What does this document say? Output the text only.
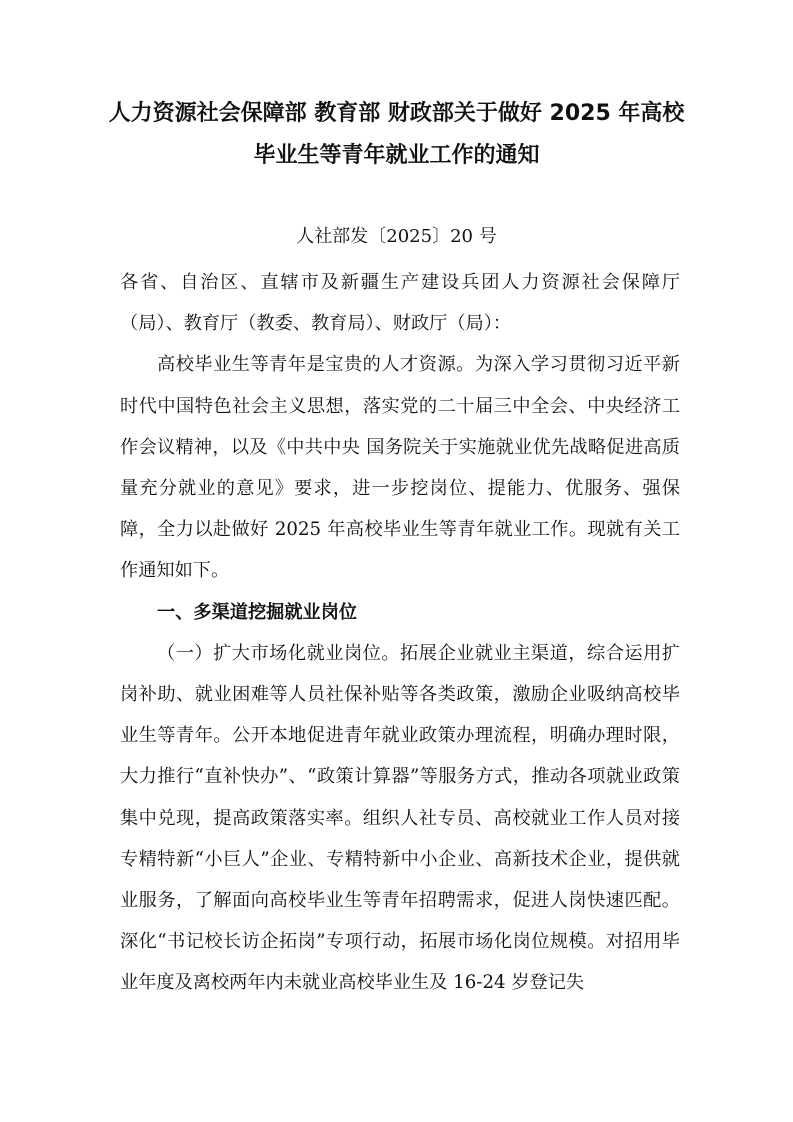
人力资源社会保障部 教育部 财政部关于做好 2025 年高校
毕业生等青年就业工作的通知
人社部发〔2025〕20 号

各省、自治区、直辖市及新疆生产建设兵团人力资源社会保障厅（局）、教育厅（教委、教育局）、财政厅（局）：

高校毕业生等青年是宝贵的人才资源。为深入学习贯彻习近平新时代中国特色社会主义思想，落实党的二十届三中全会、中央经济工作会议精神，以及《中共中央 国务院关于实施就业优先战略促进高质量充分就业的意见》要求，进一步挖岗位、提能力、优服务、强保障，全力以赴做好 2025 年高校毕业生等青年就业工作。现就有关工作通知如下。

一、多渠道挖掘就业岗位

（一）扩大市场化就业岗位。拓展企业就业主渠道，综合运用扩岗补助、就业困难等人员社保补贴等各类政策，激励企业吸纳高校毕业生等青年。公开本地促进青年就业政策办理流程，明确办理时限，大力推行“直补快办”、“政策计算器”等服务方式，推动各项就业政策集中兑现，提高政策落实率。组织人社专员、高校就业工作人员对接专精特新“小巨人”企业、专精特新中小企业、高新技术企业，提供就业服务，了解面向高校毕业生等青年招聘需求，促进人岗快速匹配。深化“书记校长访企拓岗”专项行动，拓展市场化岗位规模。对招用毕业年度及离校两年内未就业高校毕业生及 16-24 岁登记失
